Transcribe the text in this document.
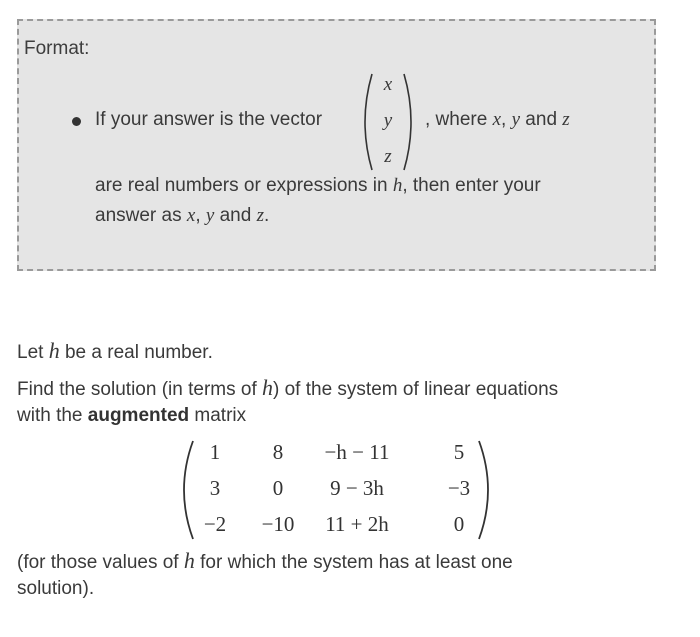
Format:
If your answer is the vector
x
y
z
, where x, y and z
are real numbers or expressions in h, then enter your
answer as x, y and z.
Let h be a real number.
Find the solution (in terms of h) of the system of linear equations
with the augmented matrix
1	8	−h − 11	5
3	0	9 − 3h	−3
−2	−10	11 + 2h	0
(for those values of h for which the system has at least one
solution).
